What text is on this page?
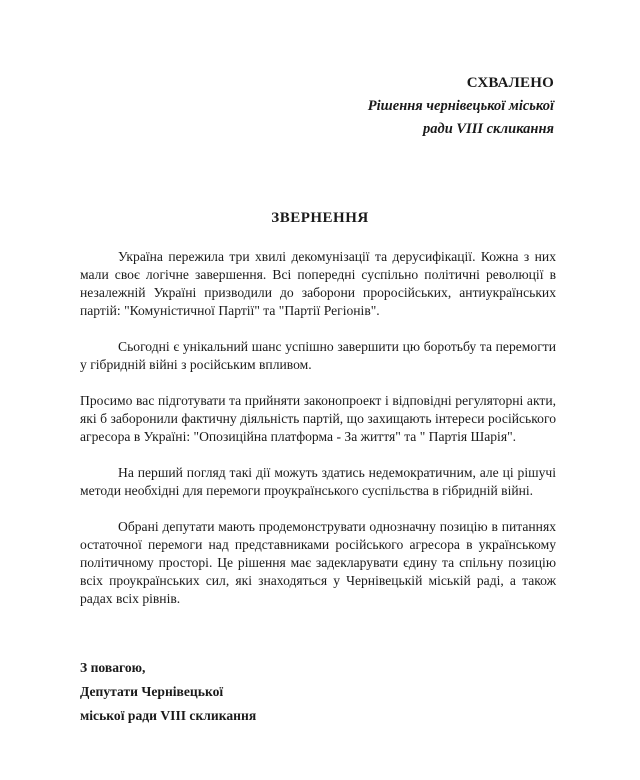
СХВАЛЕНО
Рішення чернівецької міської
ради VIII скликання
ЗВЕРНЕННЯ

Україна пережила три хвилі декомунізації та дерусифікації. Кожна з них мали своє логічне завершення. Всі попередні суспільно політичні революції в незалежній Україні призводили до заборони проросійських, антиукраїнських партій: "Комуністичної Партії" та "Партії Регіонів".

Сьогодні є унікальний шанс успішно завершити цю боротьбу та перемогти у гібридній війні з російським впливом.

Просимо вас підготувати та прийняти законопроект і відповідні регуляторні акти, які б заборонили фактичну діяльність партій, що захищають інтереси російського агресора в Україні: "Опозиційна платформа - За життя" та " Партія Шарія".

На перший погляд такі дії можуть здатись недемократичним, але ці рішучі методи необхідні для перемоги проукраїнського суспільства в гібридній війні.

Обрані депутати мають продемонструвати однозначну позицію в питаннях остаточної перемоги над представниками російського агресора в українському політичному просторі. Це рішення має задекларувати єдину та спільну позицію всіх проукраїнських сил, які знаходяться у Чернівецькій міській раді, а також радах всіх рівнів.

З повагою,
Депутати Чернівецької
міської ради VIII скликання
